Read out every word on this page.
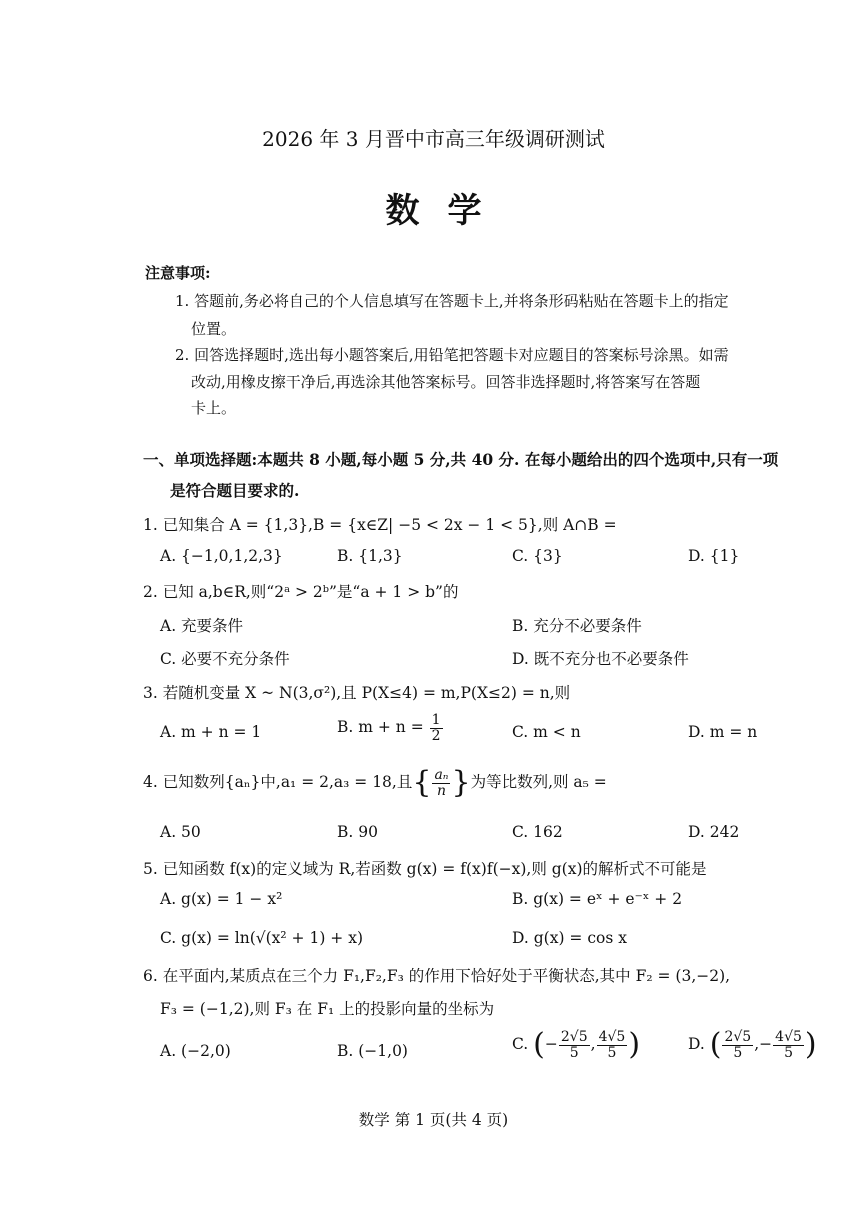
2026 年 3 月晋中市高三年级调研测试
数学
注意事项:
1. 答题前,务必将自己的个人信息填写在答题卡上,并将条形码粘贴在答题卡上的指定
位置。
2. 回答选择题时,选出每小题答案后,用铅笔把答题卡对应题目的答案标号涂黑。如需
改动,用橡皮擦干净后,再选涂其他答案标号。回答非选择题时,将答案写在答题
卡上。
一、单项选择题:本题共 8 小题,每小题 5 分,共 40 分. 在每小题给出的四个选项中,只有一项
是符合题目要求的.
1. 已知集合 A = {1,3},B = {x∈Z| −5 < 2x − 1 < 5},则 A∩B =
A. {−1,0,1,2,3}	B. {1,3}	C. {3}	D. {1}
2. 已知 a,b∈R,则“2ᵃ > 2ᵇ”是“a + 1 > b”的
A. 充要条件	B. 充分不必要条件
C. 必要不充分条件	D. 既不充分也不必要条件
3. 若随机变量 X ~ N(3,σ²),且 P(X≤4) = m,P(X≤2) = n,则
A. m + n = 1	B. $m + n = \frac{1}{2}$	C. m < n	D. m = n
4. 已知数列{aₙ}中,a₁ = 2,a₃ = 18,且{ $\frac{\text{aₙ}}{n}$ }为等比数列,则 a₅ =
A. 50	B. 90	C. 162	D. 242
5. 已知函数 f(x)的定义域为 R,若函数 g(x) = f(x)f(−x),则 g(x)的解析式不可能是
A. g(x) = 1 − x²	B. g(x) = eˣ + e⁻ˣ + 2
C. g(x) = ln(√(x² + 1) + x)	D. g(x) = cos x
6. 在平面内,某质点在三个力 F₁,F₂,F₃ 的作用下恰好处于平衡状态,其中 F₂ = (3,−2),
F₃ = (−1,2),则 F₃ 在 F₁ 上的投影向量的坐标为
A. (−2,0)	B. (−1,0)	C. (− $\frac{2√5}{5}$ , $\frac{4√5}{5}$ )	D. ( $\frac{2√5}{5}$ ,− $\frac{4√5}{5}$ )
数学 第 1 页(共 4 页)
